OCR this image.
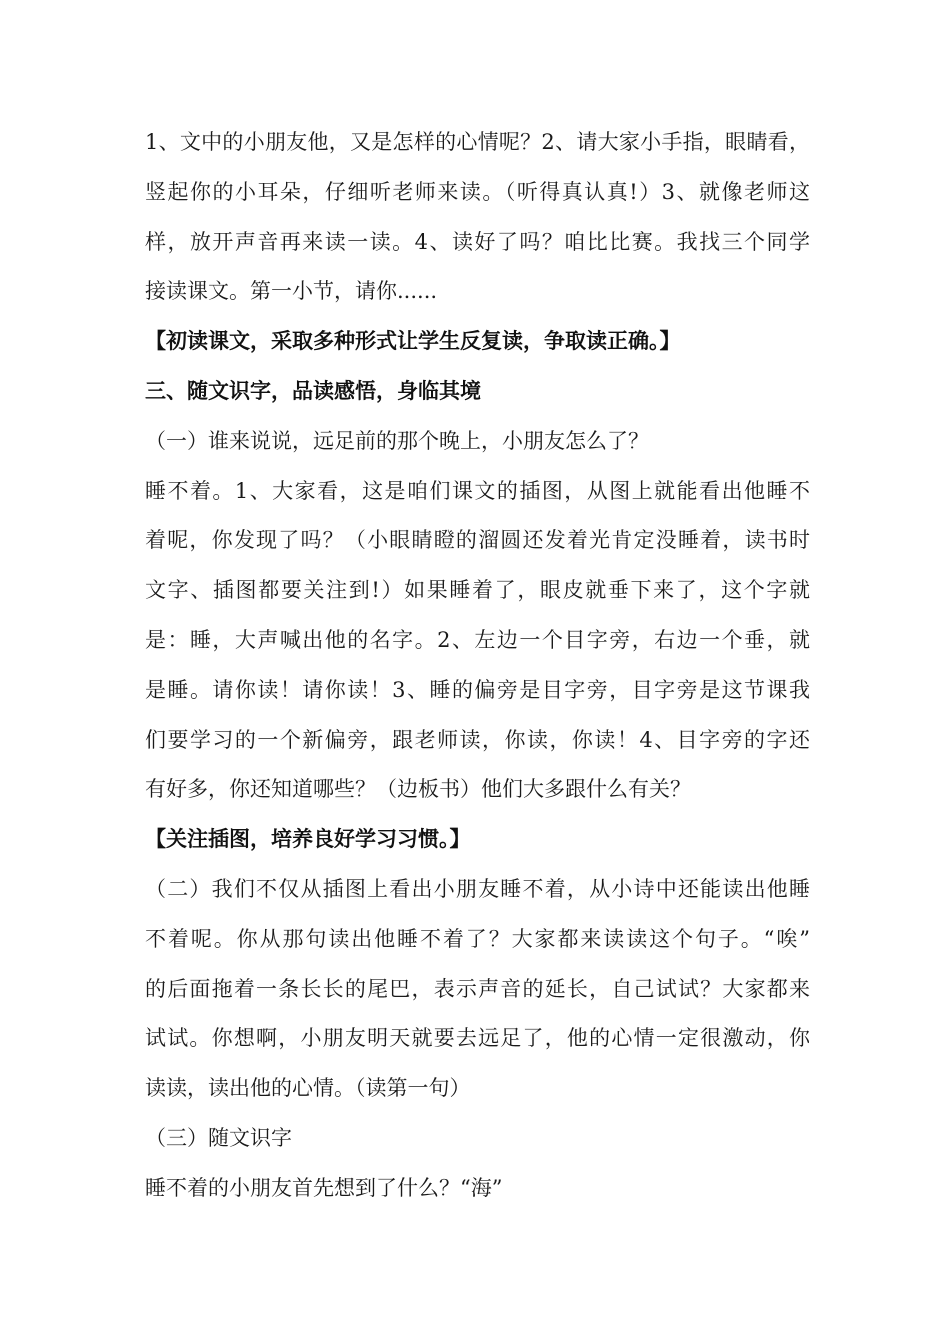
1、文中的小朋友他，又是怎样的心情呢？2、请大家小手指，眼睛看，
竖起你的小耳朵，仔细听老师来读。（听得真认真!）3、就像老师这
样，放开声音再来读一读。4、读好了吗？咱比比赛。我找三个同学
接读课文。第一小节，请你......
【初读课文，采取多种形式让学生反复读，争取读正确。】
三、随文识字，品读感悟，身临其境
（一）谁来说说，远足前的那个晚上，小朋友怎么了？
睡不着。1、大家看，这是咱们课文的插图，从图上就能看出他睡不
着呢，你发现了吗？（小眼睛瞪的溜圆还发着光肯定没睡着，读书时
文字、插图都要关注到!）如果睡着了，眼皮就垂下来了，这个字就
是：睡，大声喊出他的名字。2、左边一个目字旁，右边一个垂，就
是睡。请你读！请你读！3、睡的偏旁是目字旁，目字旁是这节课我
们要学习的一个新偏旁，跟老师读，你读，你读！4、目字旁的字还
有好多，你还知道哪些？（边板书）他们大多跟什么有关？
【关注插图，培养良好学习习惯。】
（二）我们不仅从插图上看出小朋友睡不着，从小诗中还能读出他睡
不着呢。你从那句读出他睡不着了？大家都来读读这个句子。“唉”
的后面拖着一条长长的尾巴，表示声音的延长，自己试试？大家都来
试试。你想啊，小朋友明天就要去远足了，他的心情一定很激动，你
读读，读出他的心情。（读第一句）
（三）随文识字
睡不着的小朋友首先想到了什么？“海”
